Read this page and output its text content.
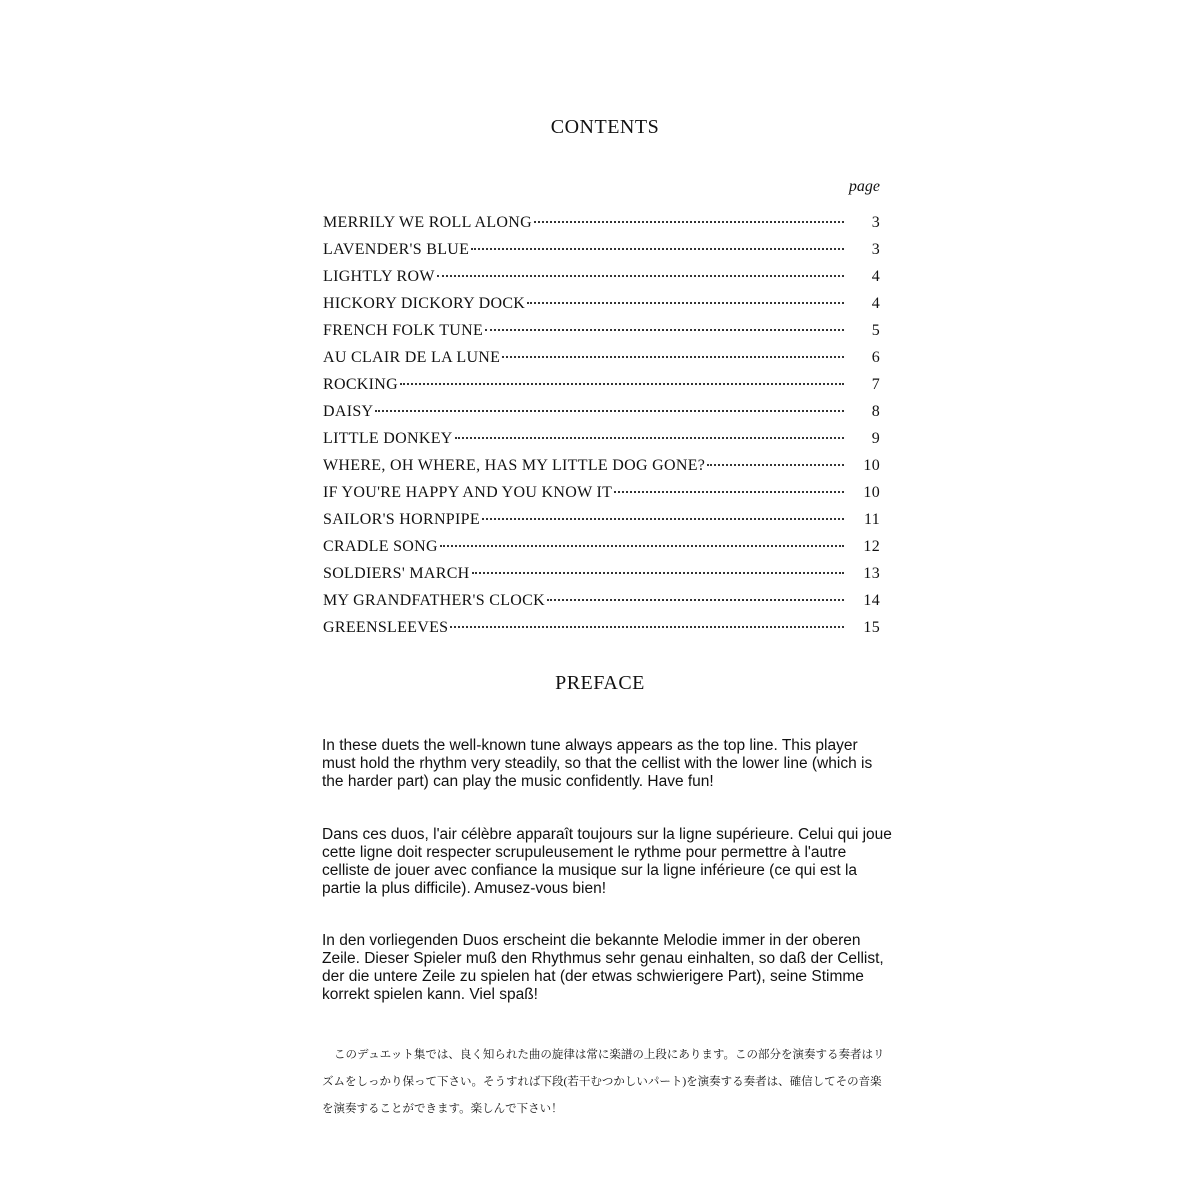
CONTENTS
page
MERRILY WE ROLL ALONG	3
LAVENDER'S BLUE	3
LIGHTLY ROW	4
HICKORY DICKORY DOCK	4
FRENCH FOLK TUNE	5
AU CLAIR DE LA LUNE	6
ROCKING	7
DAISY	8
LITTLE DONKEY	9
WHERE, OH WHERE, HAS MY LITTLE DOG GONE?	10
IF YOU'RE HAPPY AND YOU KNOW IT	10
SAILOR'S HORNPIPE	11
CRADLE SONG	12
SOLDIERS' MARCH	13
MY GRANDFATHER'S CLOCK	14
GREENSLEEVES	15
PREFACE

In these duets the well-known tune always appears as the top line. This player must hold the rhythm very steadily, so that the cellist with the lower line (which is the harder part) can play the music confidently. Have fun!

Dans ces duos, l'air célèbre apparaît toujours sur la ligne supérieure. Celui qui joue cette ligne doit respecter scrupuleusement le rythme pour permettre à l'autre celliste de jouer avec confiance la musique sur la ligne inférieure (ce qui est la partie la plus difficile). Amusez-vous bien!

In den vorliegenden Duos erscheint die bekannte Melodie immer in der oberen Zeile. Dieser Spieler muß den Rhythmus sehr genau einhalten, so daß der Cellist, der die untere Zeile zu spielen hat (der etwas schwierigere Part), seine Stimme korrekt spielen kann. Viel spaß!

このデュエット集では、良く知られた曲の旋律は常に楽譜の上段にあります。この部分を演奏する奏者はリズムをしっかり保って下さい。そうすれば下段(若干むつかしいパート)を演奏する奏者は、確信してその音楽を演奏することができます。楽しんで下さい！
